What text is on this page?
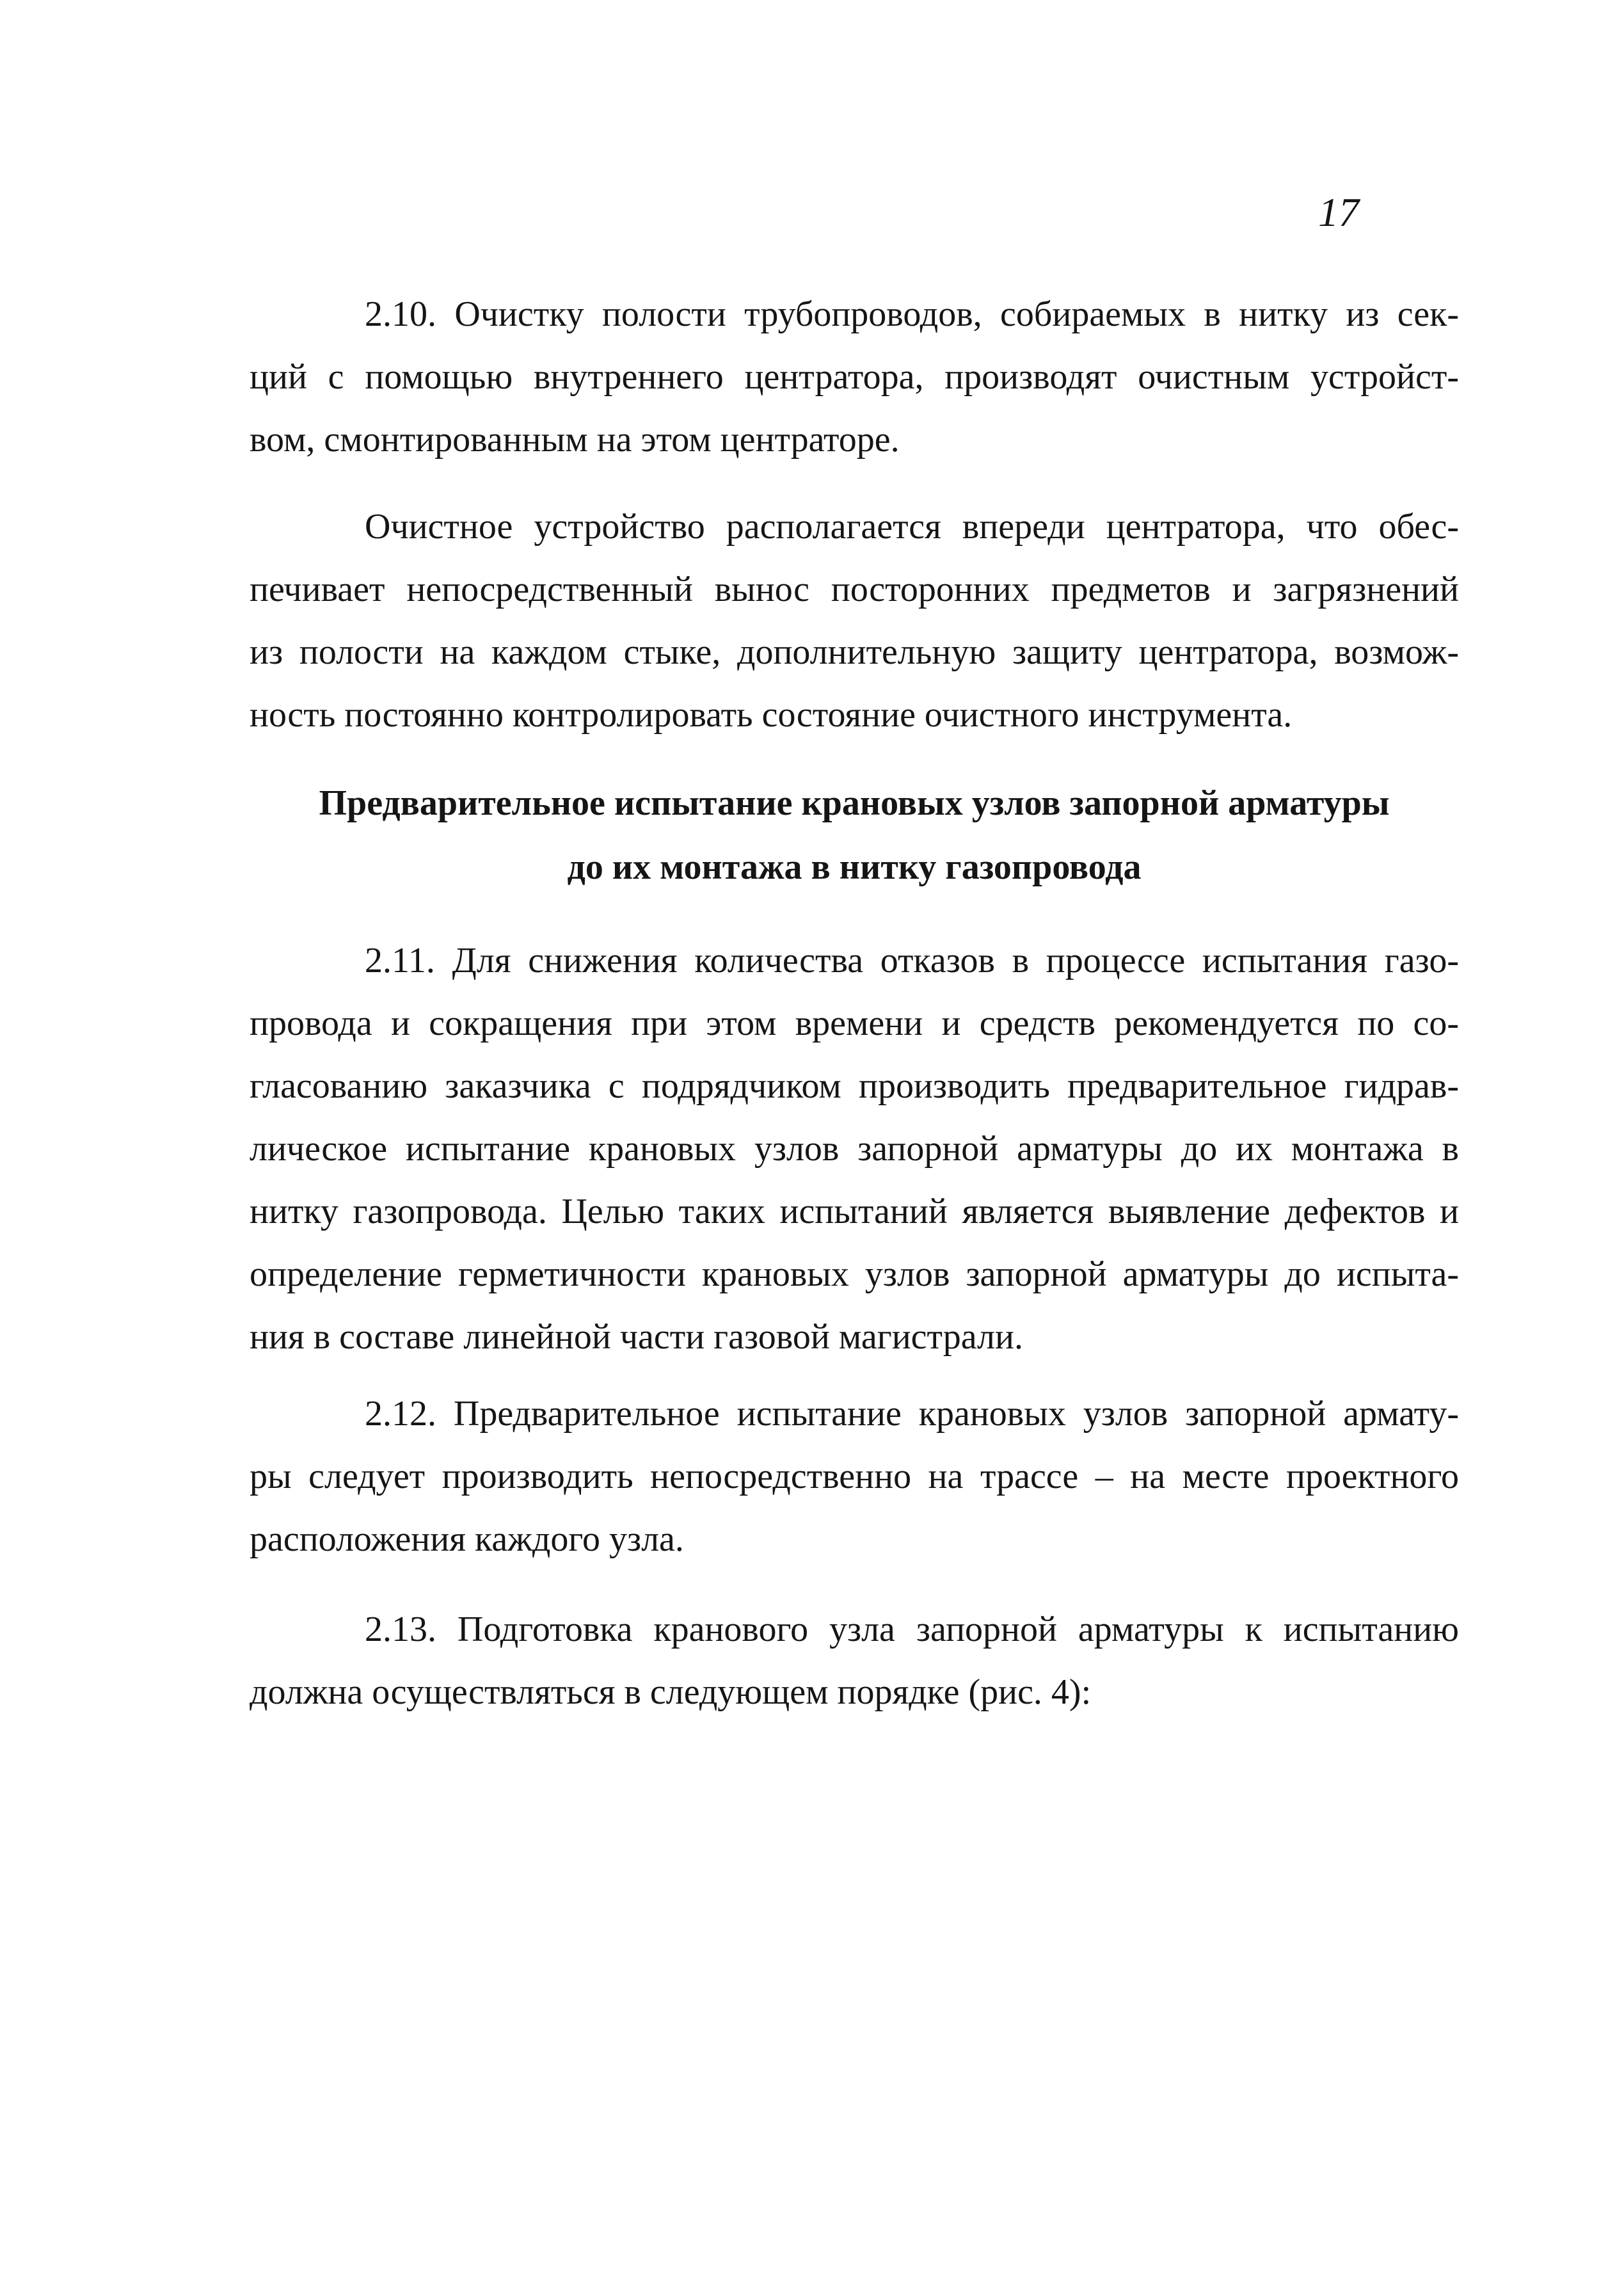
17
2.10. Очистку полости трубопроводов, собираемых в нитку из сек-
ций с помощью внутреннего центратора, производят очистным устройст-
вом, смонтированным на этом центраторе.
Очистное устройство располагается впереди центратора, что обес-
печивает непосредственный вынос посторонних предметов и загрязнений
из полости на каждом стыке, дополнительную защиту центратора, возмож-
ность постоянно контролировать состояние очистного инструмента.
Предварительное испытание крановых узлов запорной арматуры
до их монтажа в нитку газопровода
2.11. Для снижения количества отказов в процессе испытания газо-
провода и сокращения при этом времени и средств рекомендуется по со-
гласованию заказчика с подрядчиком производить предварительное гидрав-
лическое испытание крановых узлов запорной арматуры до их монтажа в
нитку газопровода. Целью таких испытаний является выявление дефектов и
определение герметичности крановых узлов запорной арматуры до испыта-
ния в составе линейной части газовой магистрали.
2.12. Предварительное испытание крановых узлов запорной армату-
ры следует производить непосредственно на трассе – на месте проектного
расположения каждого узла.
2.13. Подготовка кранового узла запорной арматуры к испытанию
должна осуществляться в следующем порядке (рис. 4):
